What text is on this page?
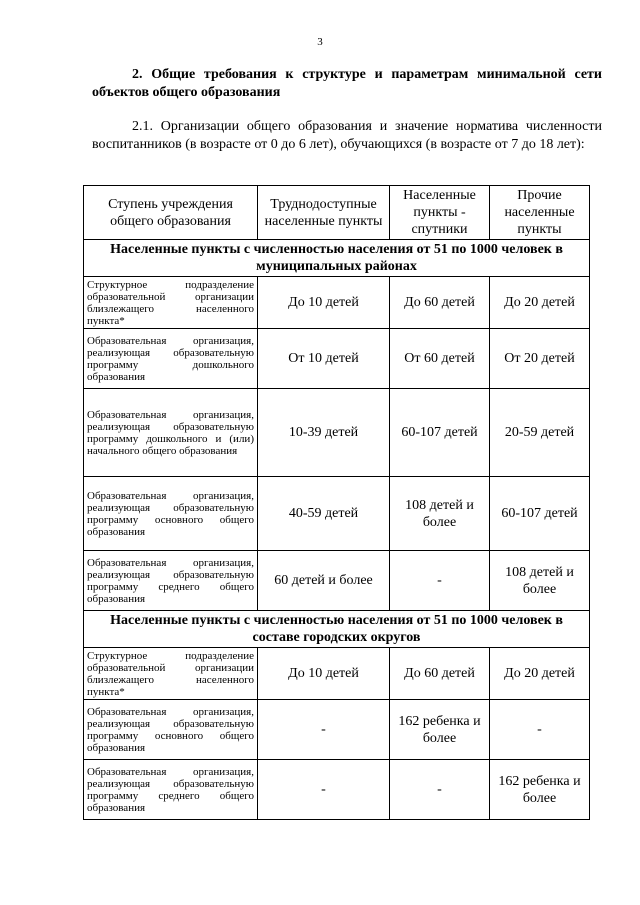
3
2. Общие требования к структуре и параметрам минимальной сети объектов общего образования
2.1. Организации общего образования и значение норматива численности воспитанников (в возрасте от 0 до 6 лет), обучающихся (в возрасте от 7 до 18 лет):
Ступень учреждения общего образования	Труднодоступные населенные пункты	Населенные пункты - спутники	Прочие населенные пункты
Населенные пункты с численностью населения от 51 по 1000 человек в муниципальных районах			
Структурное подразделение образовательной организации близлежащего населенного пункта*	До 10 детей	До 60 детей	До 20 детей
Образовательная организация, реализующая образовательную программу дошкольного образования	От 10 детей	От 60 детей	От 20 детей
Образовательная организация, реализующая образовательную программу дошкольного и (или) начального общего образования	10-39 детей	60-107 детей	20-59 детей
Образовательная организация, реализующая образовательную программу основного общего образования	40-59 детей	108 детей и более	60-107 детей
Образовательная организация, реализующая образовательную программу среднего общего образования	60 детей и более	-	108 детей и более
Населенные пункты с численностью населения от 51 по 1000 человек в составе городских округов			
Структурное подразделение образовательной организации близлежащего населенного пункта*	До 10 детей	До 60 детей	До 20 детей
Образовательная организация, реализующая образовательную программу основного общего образования	-	162 ребенка и более	-
Образовательная организация, реализующая образовательную программу среднего общего образования	-	-	162 ребенка и более
